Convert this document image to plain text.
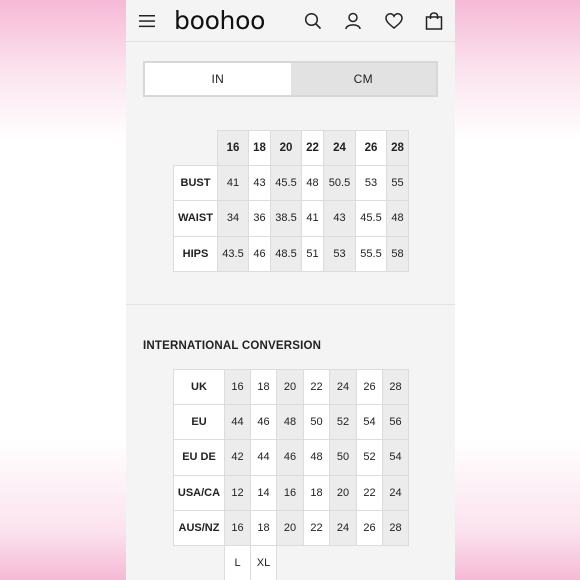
boohoo
IN	CM
	16	18	20	22	24	26	28
BUST	41	43	45.5	48	50.5	53	55
WAIST	34	36	38.5	41	43	45.5	48
HIPS	43.5	46	48.5	51	53	55.5	58
INTERNATIONAL CONVERSION
UK	16	18	20	22	24	26	28
EU	44	46	48	50	52	54	56
EU DE	42	44	46	48	50	52	54
USA/CA	12	14	16	18	20	22	24
AUS/NZ	16	18	20	22	24	26	28
	L	XL					
